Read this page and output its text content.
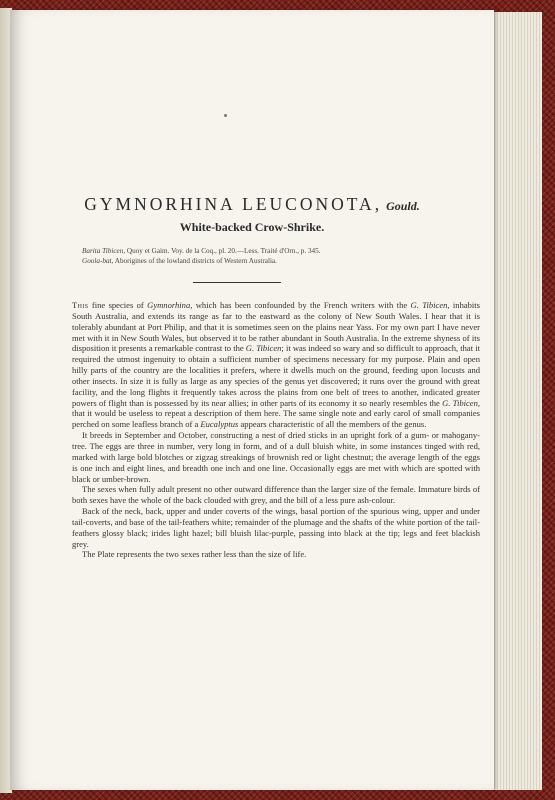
GYMNORHINA LEUCONOTA, Gould.
White-backed Crow-Shrike.
Barita Tibicen, Quoy et Gaim. Voy. de la Coq., pl. 20.—Less. Traité d'Orn., p. 345.
Goola-bat, Aborigines of the lowland districts of Western Australia.

This fine species of Gymnorhina, which has been confounded by the French writers with the G. Tibicen, inhabits South Australia, and extends its range as far to the eastward as the colony of New South Wales. I hear that it is tolerably abundant at Port Philip, and that it is sometimes seen on the plains near Yass. For my own part I have never met with it in New South Wales, but observed it to be rather abundant in South Australia. In the extreme shyness of its disposition it presents a remarkable contrast to the G. Tibicen; it was indeed so wary and so difficult to approach, that it required the utmost ingenuity to obtain a sufficient number of specimens necessary for my purpose. Plain and open hilly parts of the country are the localities it prefers, where it dwells much on the ground, feeding upon locusts and other insects. In size it is fully as large as any species of the genus yet discovered; it runs over the ground with great facility, and the long flights it frequently takes across the plains from one belt of trees to another, indicated greater powers of flight than is possessed by its near allies; in other parts of its economy it so nearly resembles the G. Tibicen, that it would be useless to repeat a description of them here. The same single note and early carol of small companies perched on some leafless branch of a Eucalyptus appears characteristic of all the members of the genus.

It breeds in September and October, constructing a nest of dried sticks in an upright fork of a gum- or mahogany-tree. The eggs are three in number, very long in form, and of a dull bluish white, in some instances tinged with red, marked with large bold blotches or zigzag streakings of brownish red or light chestnut; the average length of the eggs is one inch and eight lines, and breadth one inch and one line. Occasionally eggs are met with which are spotted with black or umber-brown.

The sexes when fully adult present no other outward difference than the larger size of the female. Immature birds of both sexes have the whole of the back clouded with grey, and the bill of a less pure ash-colour.

Back of the neck, back, upper and under coverts of the wings, basal portion of the spurious wing, upper and under tail-coverts, and base of the tail-feathers white; remainder of the plumage and the shafts of the white portion of the tail-feathers glossy black; irides light hazel; bill bluish lilac-purple, passing into black at the tip; legs and feet blackish grey.

The Plate represents the two sexes rather less than the size of life.
